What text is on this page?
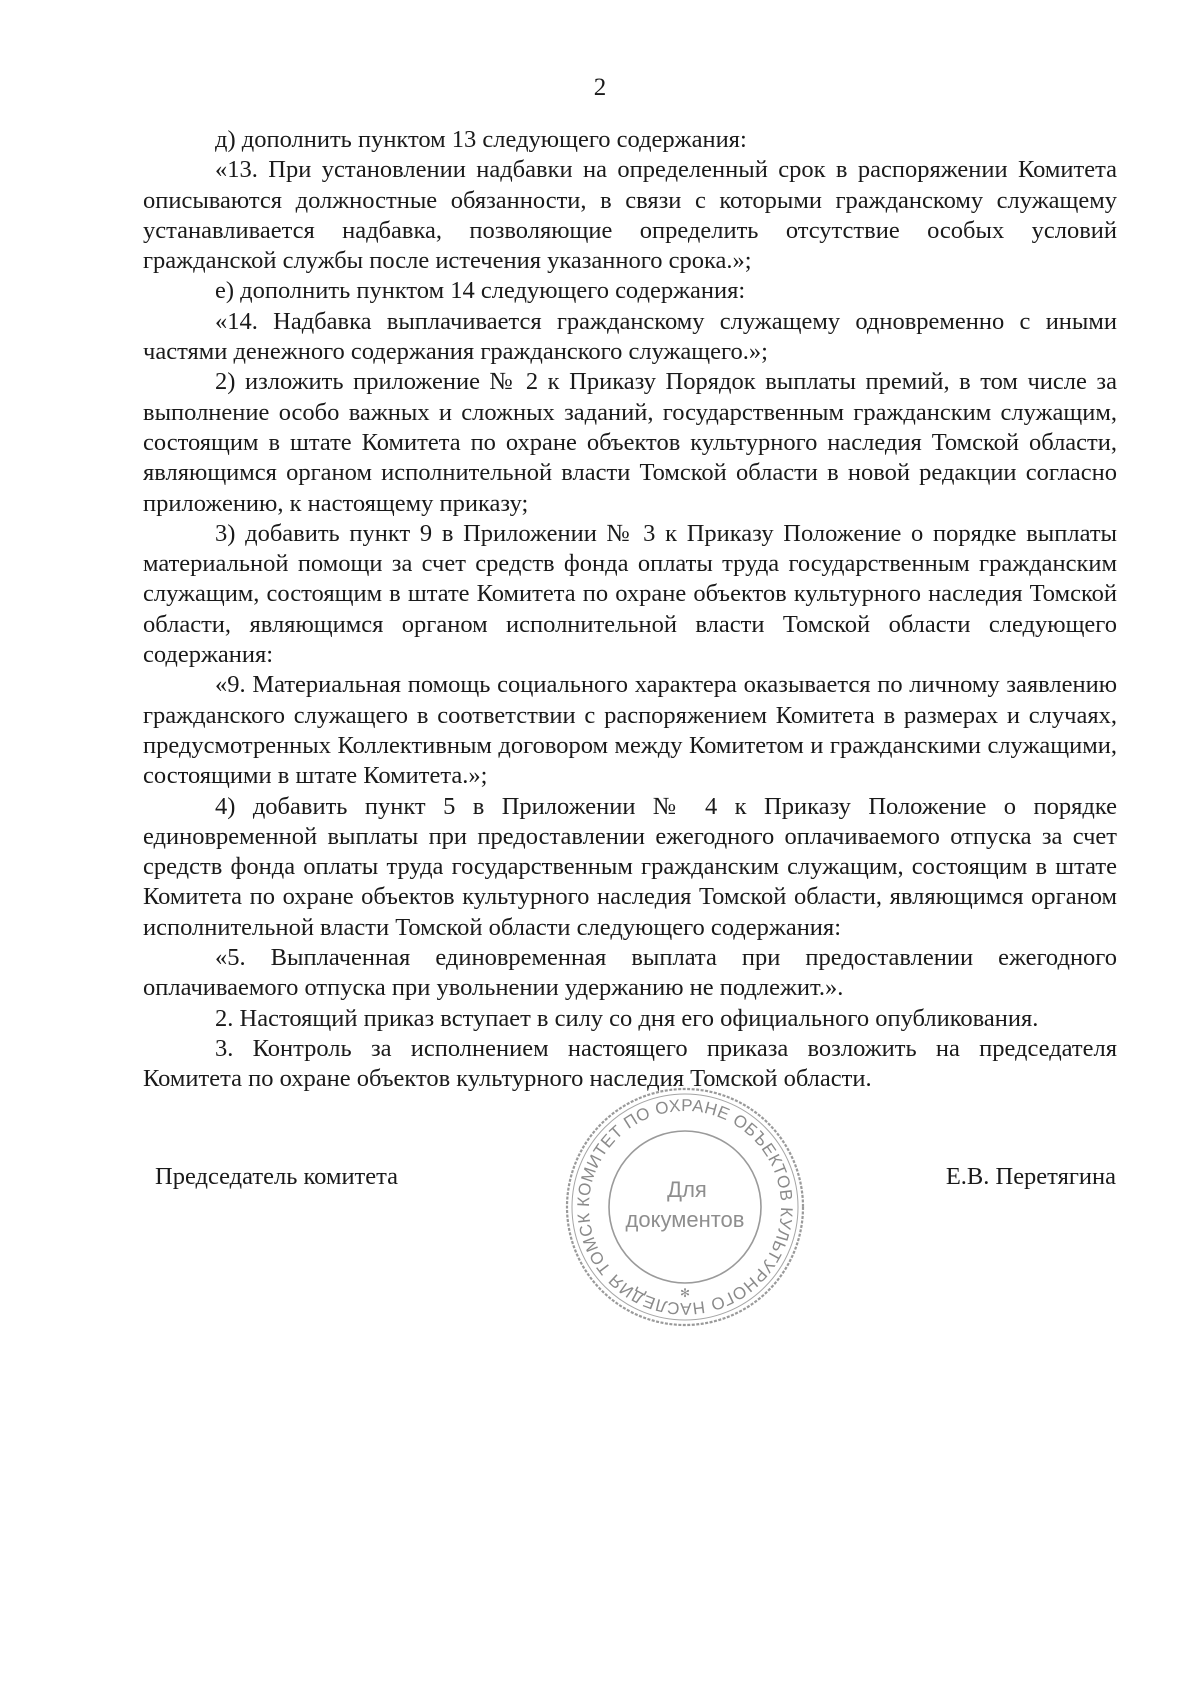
2

д) дополнить пунктом 13 следующего содержания:

«13. При установлении надбавки на определенный срок в распоряжении Комитета описываются должностные обязанности, в связи с которыми гражданскому служащему устанавливается надбавка, позволяющие определить отсутствие особых условий гражданской службы после истечения указанного срока.»;

е) дополнить пунктом 14 следующего содержания:

«14. Надбавка выплачивается гражданскому служащему одновременно с иными частями денежного содержания гражданского служащего.»;

2) изложить приложение № 2 к Приказу Порядок выплаты премий, в том числе за выполнение особо важных и сложных заданий, государственным гражданским служащим, состоящим в штате Комитета по охране объектов культурного наследия Томской области, являющимся органом исполнительной власти Томской области в новой редакции согласно приложению, к настоящему приказу;

3) добавить пункт 9 в Приложении № 3 к Приказу Положение о порядке выплаты материальной помощи за счет средств фонда оплаты труда государственным гражданским служащим, состоящим в штате Комитета по охране объектов культурного наследия Томской области, являющимся органом исполнительной власти Томской области следующего содержания:

«9. Материальная помощь социального характера оказывается по личному заявлению гражданского служащего в соответствии с распоряжением Комитета в размерах и случаях, предусмотренных Коллективным договором между Комитетом и гражданскими служащими, состоящими в штате Комитета.»;

4) добавить пункт 5 в Приложении № 4 к Приказу Положение о порядке единовременной выплаты при предоставлении ежегодного оплачиваемого отпуска за счет средств фонда оплаты труда государственным гражданским служащим, состоящим в штате Комитета по охране объектов культурного наследия Томской области, являющимся органом исполнительной власти Томской области следующего содержания:

«5. Выплаченная единовременная выплата при предоставлении ежегодного оплачиваемого отпуска при увольнении удержанию не подлежит.».

2. Настоящий приказ вступает в силу со дня его официального опубликования.

3. Контроль за исполнением настоящего приказа возложить на председателя Комитета по охране объектов культурного наследия Томской области.

Председатель комитета	Е.В. Перетягина
КОМИТЕТ ПО ОХРАНЕ ОБЪЕКТОВ КУЛЬТУРНОГО НАСЛЕДИЯ ТОМСК
Для
документов
✻
